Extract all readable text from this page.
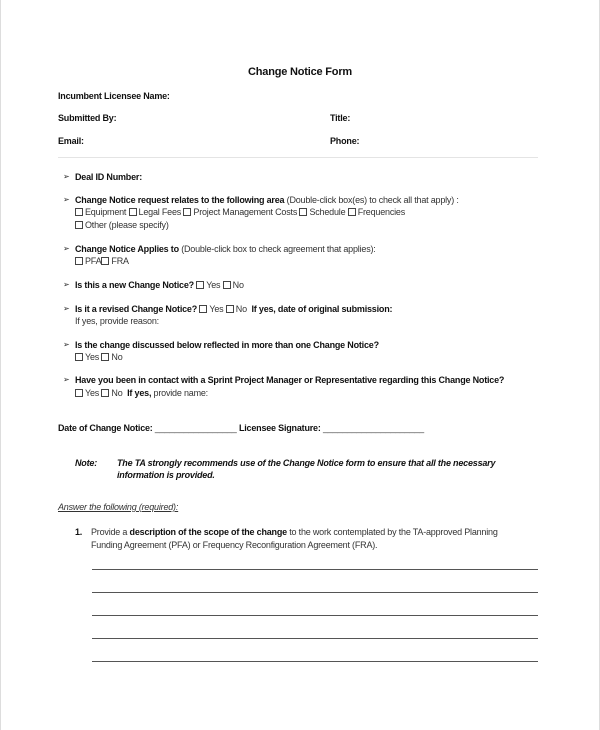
Change Notice Form
Incumbent Licensee Name:
Submitted By:	Title:
Email:	Phone:
➢ Deal ID Number:
➢ Change Notice request relates to the following area (Double-click box(es) to check all that apply) :
Equipment Legal Fees Project Management Costs Schedule Frequencies
Other (please specify)
➢ Change Notice Applies to (Double-click box to check agreement that applies):
PFA FRA
➢ Is this a new Change Notice? Yes No
➢ Is it a revised Change Notice? Yes No If yes, date of original submission:
If yes, provide reason:
➢ Is the change discussed below reflected in more than one Change Notice?
Yes No
➢ Have you been in contact with a Sprint Project Manager or Representative regarding this Change Notice?
Yes No If yes, provide name:
Date of Change Notice: _________________ Licensee Signature: _____________________
Note: The TA strongly recommends use of the Change Notice form to ensure that all the necessary
information is provided.
Answer the following (required):
1. Provide a description of the scope of the change to the work contemplated by the TA-approved Planning
Funding Agreement (PFA) or Frequency Reconfiguration Agreement (FRA).
